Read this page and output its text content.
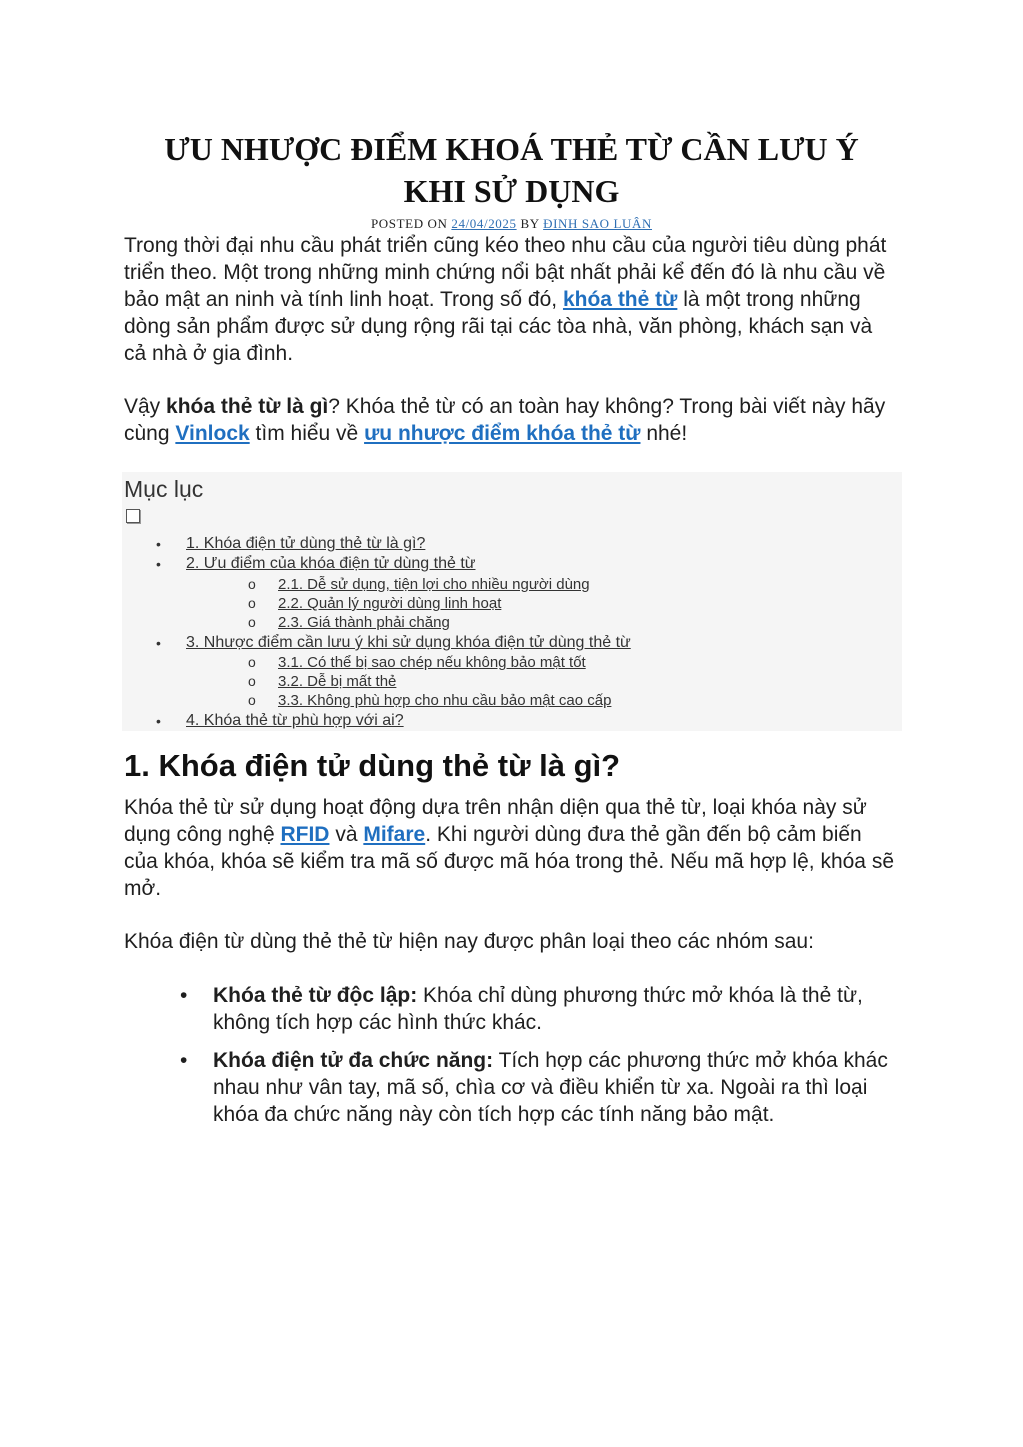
ƯU NHƯỢC ĐIỂM KHOÁ THẺ TỪ CẦN LƯU Ý
KHI SỬ DỤNG
POSTED ON 24/04/2025 BY ĐINH SAO LUÂN

Trong thời đại nhu cầu phát triển cũng kéo theo nhu cầu của người tiêu dùng phát triển theo. Một trong những minh chứng nổi bật nhất phải kể đến đó là nhu cầu về bảo mật an ninh và tính linh hoạt. Trong số đó, khóa thẻ từ là một trong những dòng sản phẩm được sử dụng rộng rãi tại các tòa nhà, văn phòng, khách sạn và cả nhà ở gia đình.

Vậy khóa thẻ từ là gì? Khóa thẻ từ có an toàn hay không? Trong bài viết này hãy cùng Vinlock tìm hiểu về ưu nhược điểm khóa thẻ từ nhé!

Mục lục
• 1. Khóa điện tử dùng thẻ từ là gì?
• 2. Ưu điểm của khóa điện tử dùng thẻ từ
o 2.1. Dễ sử dụng, tiện lợi cho nhiều người dùng
o 2.2. Quản lý người dùng linh hoạt
o 2.3. Giá thành phải chăng
• 3. Nhược điểm cần lưu ý khi sử dụng khóa điện tử dùng thẻ từ
o 3.1. Có thể bị sao chép nếu không bảo mật tốt
o 3.2. Dễ bị mất thẻ
o 3.3. Không phù hợp cho nhu cầu bảo mật cao cấp
• 4. Khóa thẻ từ phù hợp với ai?
1. Khóa điện tử dùng thẻ từ là gì?

Khóa thẻ từ sử dụng hoạt động dựa trên nhận diện qua thẻ từ, loại khóa này sử dụng công nghệ RFID và Mifare. Khi người dùng đưa thẻ gần đến bộ cảm biến của khóa, khóa sẽ kiểm tra mã số được mã hóa trong thẻ. Nếu mã hợp lệ, khóa sẽ mở.

Khóa điện từ dùng thẻ thẻ từ hiện nay được phân loại theo các nhóm sau:

• Khóa thẻ từ độc lập: Khóa chỉ dùng phương thức mở khóa là thẻ từ, không tích hợp các hình thức khác.
• Khóa điện tử đa chức năng: Tích hợp các phương thức mở khóa khác nhau như vân tay, mã số, chìa cơ và điều khiển từ xa. Ngoài ra thì loại khóa đa chức năng này còn tích hợp các tính năng bảo mật.
